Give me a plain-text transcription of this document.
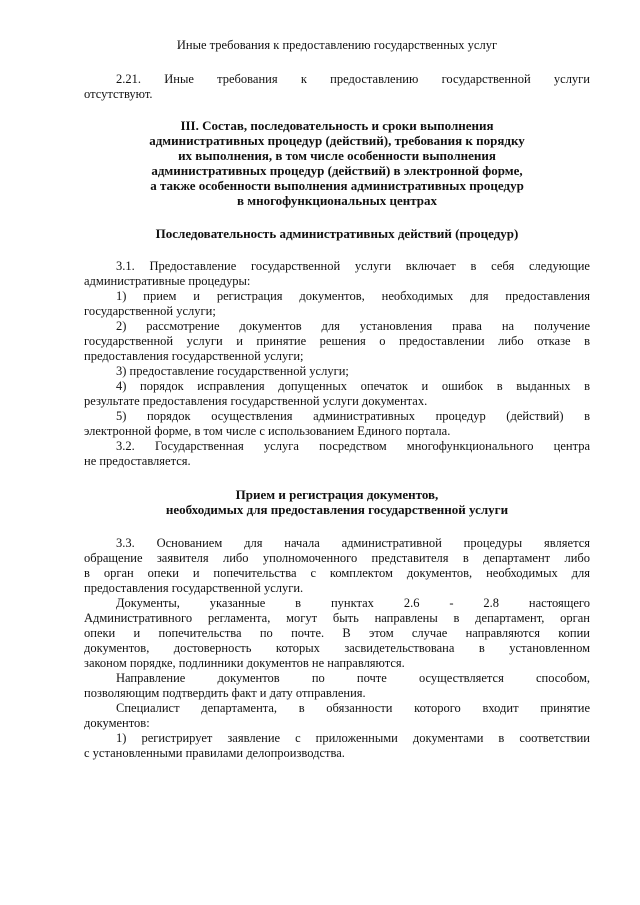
Иные требования к предоставлению государственных услуг
2.21. Иные требования к предоставлению государственной услуги
отсутствуют.
III. Состав, последовательность и сроки выполнения
административных процедур (действий), требования к порядку
их выполнения, в том числе особенности выполнения
административных процедур (действий) в электронной форме,
а также особенности выполнения административных процедур
в многофункциональных центрах
Последовательность административных действий (процедур)
3.1. Предоставление государственной услуги включает в себя следующие
административные процедуры:
1) прием и регистрация документов, необходимых для предоставления
государственной услуги;
2) рассмотрение документов для установления права на получение
государственной услуги и принятие решения о предоставлении либо отказе в
предоставления государственной услуги;
3) предоставление государственной услуги;
4) порядок исправления допущенных опечаток и ошибок в выданных в
результате предоставления государственной услуги документах.
5) порядок осуществления административных процедур (действий) в
электронной форме, в том числе с использованием Единого портала.
3.2. Государственная услуга посредством многофункционального центра
не предоставляется.
Прием и регистрация документов,
необходимых для предоставления государственной услуги
3.3. Основанием для начала административной процедуры является
обращение заявителя либо уполномоченного представителя в департамент либо
в орган опеки и попечительства с комплектом документов, необходимых для
предоставления государственной услуги.
Документы, указанные в пунктах 2.6 - 2.8 настоящего
Административного регламента, могут быть направлены в департамент, орган
опеки и попечительства по почте. В этом случае направляются копии
документов, достоверность которых засвидетельствована в установленном
законом порядке, подлинники документов не направляются.
Направление документов по почте осуществляется способом,
позволяющим подтвердить факт и дату отправления.
Специалист департамента, в обязанности которого входит принятие
документов:
1) регистрирует заявление с приложенными документами в соответствии
с установленными правилами делопроизводства.
